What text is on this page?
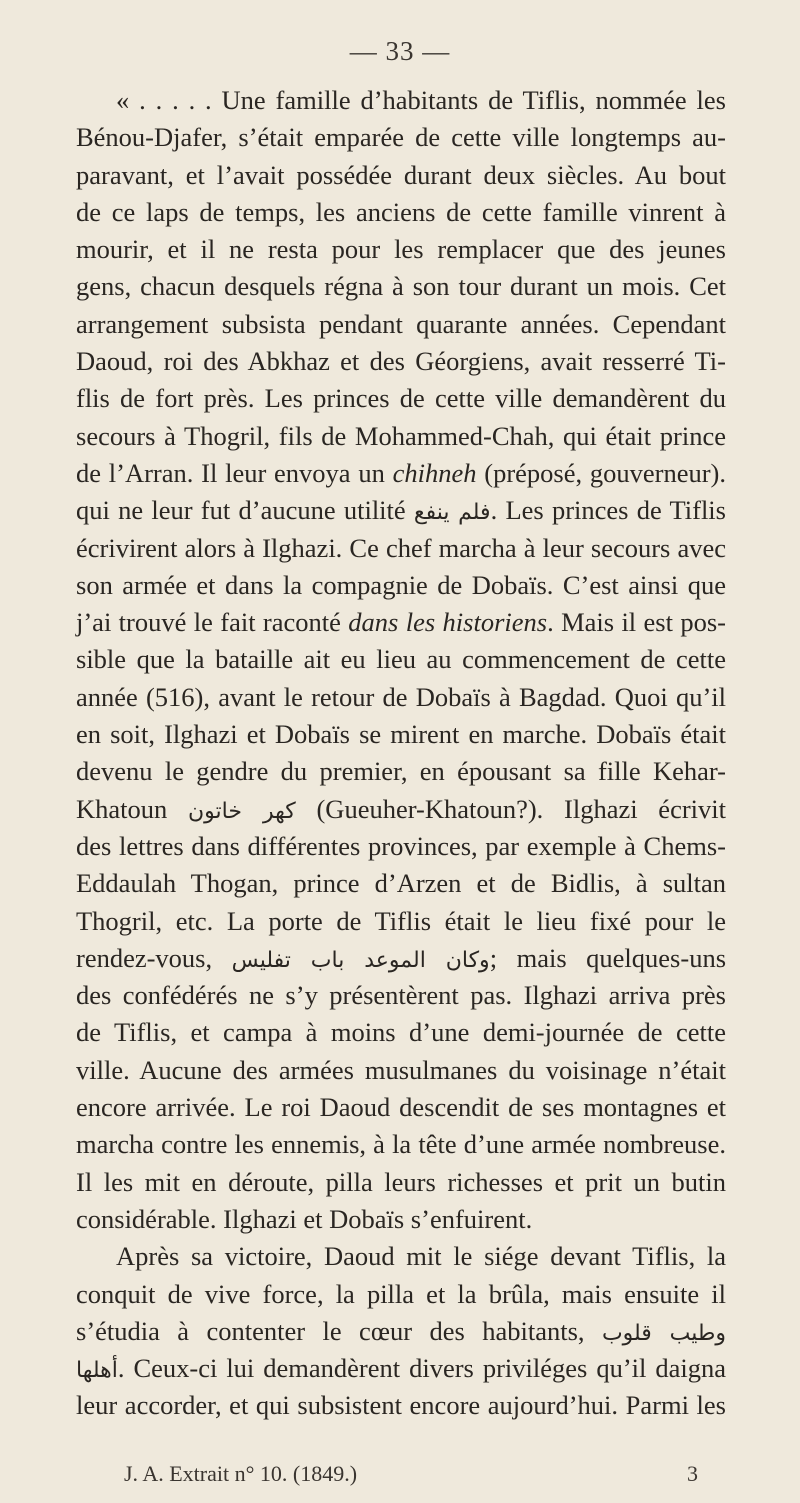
— 33 —
« . . . . . Une famille d’habitants de Tiflis, nommée les
Bénou-Djafer, s’était emparée de cette ville longtemps au-
paravant, et l’avait possédée durant deux siècles. Au bout
de ce laps de temps, les anciens de cette famille vinrent à
mourir, et il ne resta pour les remplacer que des jeunes
gens, chacun desquels régna à son tour durant un mois. Cet
arrangement subsista pendant quarante années. Cependant
Daoud, roi des Abkhaz et des Géorgiens, avait resserré Ti-
flis de fort près. Les princes de cette ville demandèrent du
secours à Thogril, fils de Mohammed-Chah, qui était prince
de l’Arran. Il leur envoya un chihneh (préposé, gouverneur).
qui ne leur fut d’aucune utilité فلم ينفع. Les princes de Tiflis
écrivirent alors à Ilghazi. Ce chef marcha à leur secours avec
son armée et dans la compagnie de Dobaïs. C’est ainsi que
j’ai trouvé le fait raconté dans les historiens. Mais il est pos-
sible que la bataille ait eu lieu au commencement de cette
année (516), avant le retour de Dobaïs à Bagdad. Quoi qu’il
en soit, Ilghazi et Dobaïs se mirent en marche. Dobaïs était
devenu le gendre du premier, en épousant sa fille Kehar-
Khatoun كهر خاتون (Gueuher-Khatoun?). Ilghazi écrivit
des lettres dans différentes provinces, par exemple à Chems-
Eddaulah Thogan, prince d’Arzen et de Bidlis, à sultan
Thogril, etc. La porte de Tiflis était le lieu fixé pour le
rendez-vous, وكان الموعد باب تفليس; mais quelques-uns
des confédérés ne s’y présentèrent pas. Ilghazi arriva près
de Tiflis, et campa à moins d’une demi-journée de cette
ville. Aucune des armées musulmanes du voisinage n’était
encore arrivée. Le roi Daoud descendit de ses montagnes et
marcha contre les ennemis, à la tête d’une armée nombreuse.
Il les mit en déroute, pilla leurs richesses et prit un butin
considérable. Ilghazi et Dobaïs s’enfuirent.
Après sa victoire, Daoud mit le siége devant Tiflis, la
conquit de vive force, la pilla et la brûla, mais ensuite il
s’étudia à contenter le cœur des habitants, وطيب قلوب
أهلها. Ceux-ci lui demandèrent divers priviléges qu’il daigna
leur accorder, et qui subsistent encore aujourd’hui. Parmi les
J. A. Extrait n° 10. (1849.)	3
